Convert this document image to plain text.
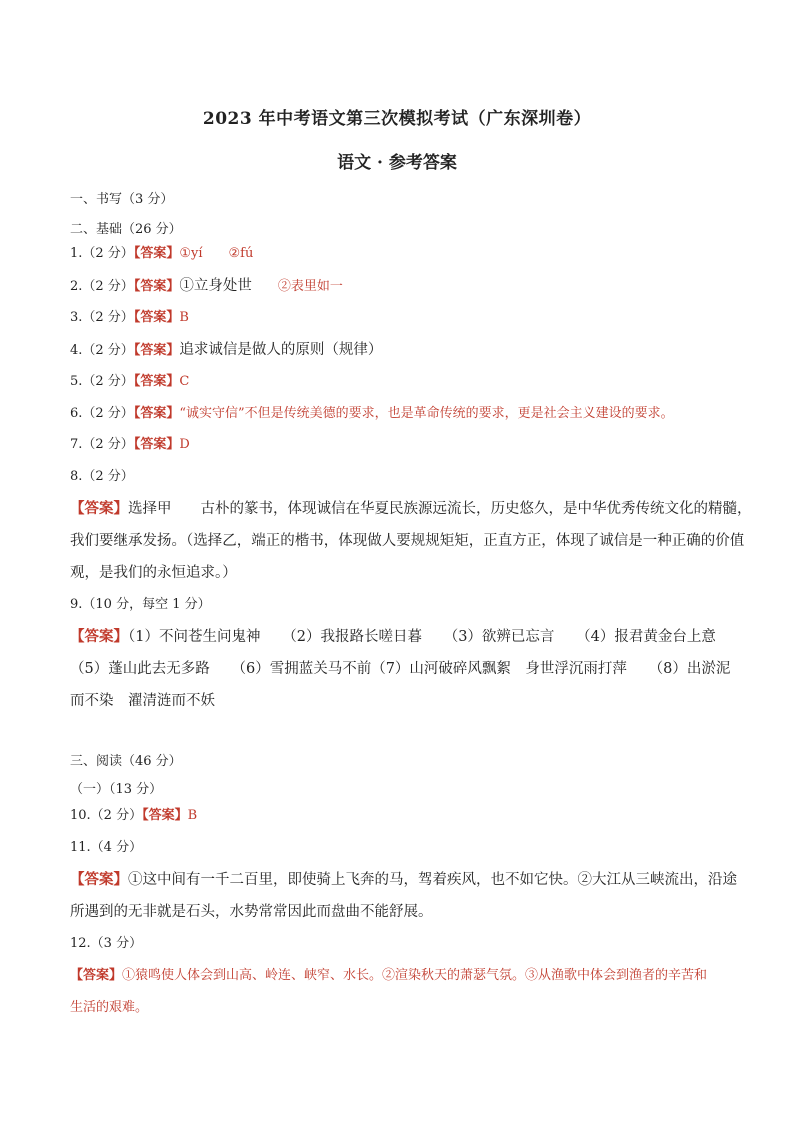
2023 年中考语文第三次模拟考试（广东深圳卷）
语文 · 参考答案
一、书写（3 分）
二、基础（26 分）
1.（2 分）【答案】①yí ②fú
2.（2 分）【答案】①立身处世 ②表里如一
3.（2 分）【答案】B
4.（2 分）【答案】追求诚信是做人的原则（规律）
5.（2 分）【答案】C
6.（2 分）【答案】“诚实守信”不但是传统美德的要求，也是革命传统的要求，更是社会主义建设的要求。
7.（2 分）【答案】D
8.（2 分）
【答案】选择甲　　古朴的篆书，体现诚信在华夏民族源远流长，历史悠久，是中华优秀传统文化的精髓，
我们要继承发扬。（选择乙，端正的楷书，体现做人要规规矩矩，正直方正，体现了诚信是一种正确的价值
观，是我们的永恒追求。）
9.（10 分，每空 1 分）
【答案】（1）不问苍生问鬼神　　（2）我报路长嗟日暮　　（3）欲辨已忘言　　（4）报君黄金台上意
（5）蓬山此去无多路　　（6）雪拥蓝关马不前（7）山河破碎风飘絮　身世浮沉雨打萍　　（8）出淤泥
而不染　濯清涟而不妖
三、阅读（46 分）
（一）（13 分）
10.（2 分）【答案】B
11.（4 分）
【答案】①这中间有一千二百里，即使骑上飞奔的马，驾着疾风，也不如它快。②大江从三峡流出，沿途
所遇到的无非就是石头，水势常常因此而盘曲不能舒展。
12.（3 分）
【答案】①猿鸣使人体会到山高、岭连、峡窄、水长。②渲染秋天的萧瑟气氛。③从渔歌中体会到渔者的辛苦和
生活的艰难。
